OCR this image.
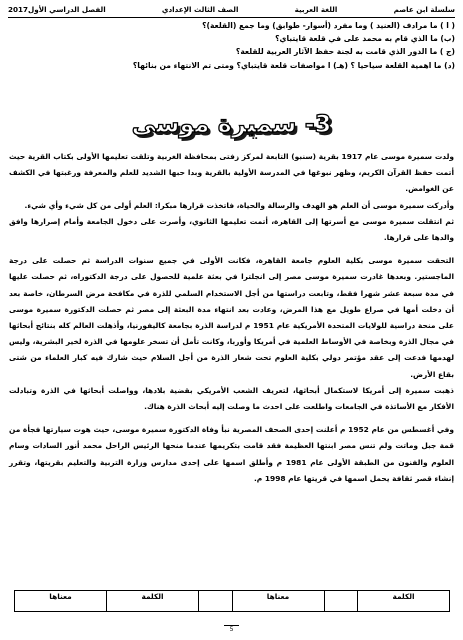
سلسلة ابن عاصم
اللغة العربية
الصف الثالث الإعدادي
الفصل الدراسي الأول2017
( ا ) ما مرادف (العنيد ) وما مفرد (أسوار- طوابق) وما جمع (القلعة)؟
(ب) ما الذي قام به محمد على في قلعة قايتباي؟
(ج ) ما الدور الذي قامت به لجنة حفظ الآثار العربية للقلعة؟
(د) ما اهمية القلعة سياحيا ؟ (هـ) ا مواصفات قلعة قايتباي؟ ومتى تم الانتهاء من بنائها؟
3- سميرة موسى

ولدت سميرة موسى عام 1917 بقرية (سنبو) التابعة لمركز زفتى بمحافظة الغربية وتلقت تعليمها الأولى بكتاب القرية حيث أتمت حفظ القرآن الكريم، وظهر نبوغها في المدرسة الأولية بالقرية وبدا حبها الشديد للعلم والمعرفة ورغبتها في الكشف عن الغوامض.

وأدركت سميرة موسى أن العلم هو الهدف والرسالة والحياة، فاتخذت قرارها مبكرا: العلم أولى من كل شيء وأي شيء.

ثم انتقلت سميرة موسى مع أسرتها إلى القاهرة، أتمت تعليمها الثانوي، وأصرت على دخول الجامعة وأمام إصرارها وافق والدها على قرارها.

التحقت سميرة موسى بكلية العلوم جامعة القاهرة، فكانت الأولى في جميع سنوات الدراسة ثم حصلت على درجة الماجستير. وبعدها غادرت سميرة موسى مصر إلى انجلترا في بعثة علمية للحصول على درجة الدكتوراه، ثم حصلت عليها في مدة سبعة عشر شهرا فقط، وتابعت دراستها من أجل الاستخدام السلمي للذرة في مكافحة مرض السرطان، خاصة بعد أن دخلت أمها في صراع طويل مع هذا المرض، وعادت بعد انتهاء مدة البعثة إلى مصر ثم حصلت الدكتورة سميرة موسى على منحة دراسية للولايات المتحدة الأمريكية عام 1951 م لدراسة الذرة بجامعة كاليفورنيا، وأذهلت العالم كله بنتائج أبحاثها في مجال الذرة وبخاصة في الأوساط العلمية في أمريكا وأوربا، وكانت تأمل أن تسخر علومها في الذرة لخير البشرية، وليس لهدمها فدعت إلى عقد مؤتمر دولي بكلية العلوم تحت شعار الذرة من أجل السلام حيث شارك فيه كبار العلماء من شتى بقاع الأرض.

ذهبت سميرة إلى أمريكا لاستكمال أبحاثها، لتعريف الشعب الأمريكي بقضية بلادها، وواصلت أبحاثها في الذرة وتبادلت الأفكار مع الأساتذة في الجامعات واطلعت على احدث ما وصلت إليه أبحاث الذرة هناك.

وفي أغسطس من عام 1952 م أعلنت إحدى الصحف المصرية نبأ وفاة الدكتورة سميرة موسى، حيث هوت سيارتها فجأة من قمة جبل وماتت ولم تنس مصر ابنتها العظيمة فقد قامت بتكريمها عندما منحها الرئيس الراحل محمد أنور السادات وسام العلوم والفنون من الطبقة الأولى عام 1981 م وأطلق اسمها على إحدى مدارس وزارة التربية والتعليم بقريتها، وتقرر إنشاء قصر ثقافة يحمل اسمها في قريتها عام 1998 م.

الكلمة		معناها		الكلمة	معناها
5
